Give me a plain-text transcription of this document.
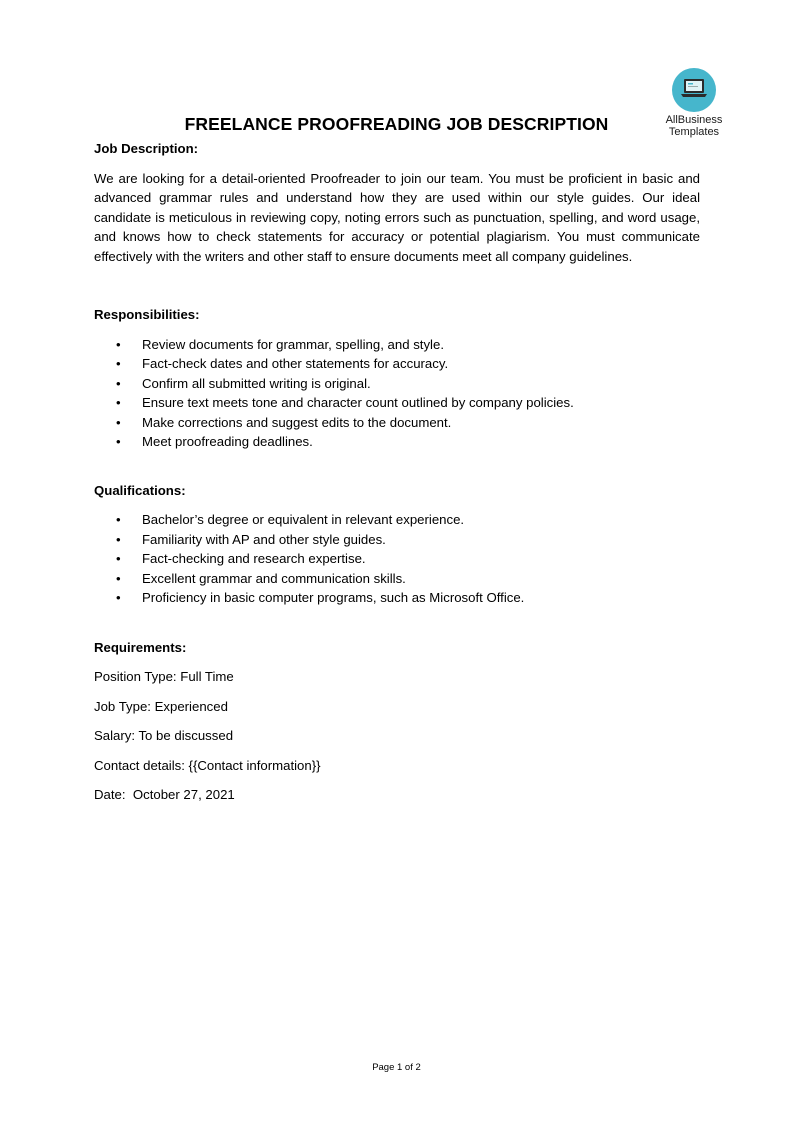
AllBusiness
Templates
FREELANCE PROOFREADING JOB DESCRIPTION

Job Description:

We are looking for a detail-oriented Proofreader to join our team. You must be proficient in basic and advanced grammar rules and understand how they are used within our style guides. Our ideal candidate is meticulous in reviewing copy, noting errors such as punctuation, spelling, and word usage, and knows how to check statements for accuracy or potential plagiarism. You must communicate effectively with the writers and other staff to ensure documents meet all company guidelines.

Responsibilities:

• Review documents for grammar, spelling, and style.
• Fact-check dates and other statements for accuracy.
• Confirm all submitted writing is original.
• Ensure text meets tone and character count outlined by company policies.
• Make corrections and suggest edits to the document.
• Meet proofreading deadlines.

Qualifications:

• Bachelor’s degree or equivalent in relevant experience.
• Familiarity with AP and other style guides.
• Fact-checking and research expertise.
• Excellent grammar and communication skills.
• Proficiency in basic computer programs, such as Microsoft Office.

Requirements:

Position Type: Full Time

Job Type: Experienced

Salary: To be discussed

Contact details: {{Contact information}}

Date:  October 27, 2021

Page 1 of 2
